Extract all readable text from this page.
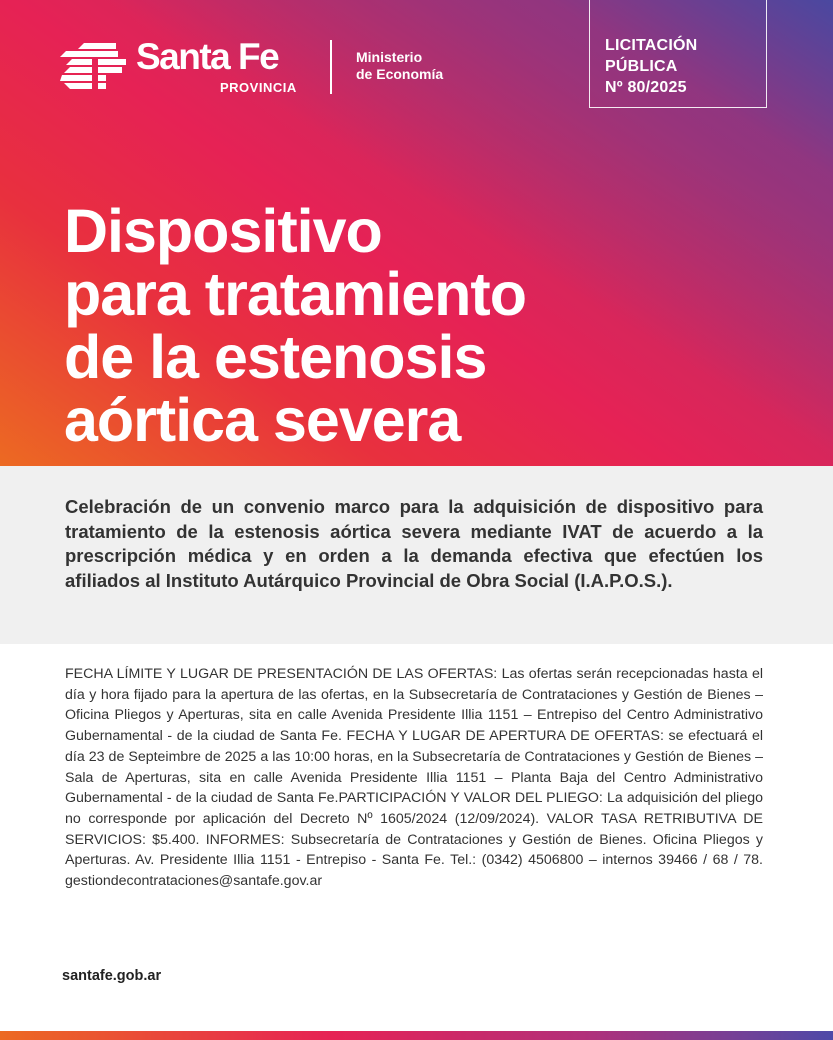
Santa Fe
PROVINCIA
Ministerio
de Economía
LICITACIÓN
PÚBLICA
Nº 80/2025
Dispositivo
para tratamiento
de la estenosis
aórtica severa

Celebración de un convenio marco para la adquisición de dispositivo para tratamiento de la estenosis aórtica severa mediante IVAT de acuerdo a la prescripción médica y en orden a la demanda efectiva que efectúen los afiliados al Instituto Autárquico Provincial de Obra Social (I.A.P.O.S.).

FECHA LÍMITE Y LUGAR DE PRESENTACIÓN DE LAS OFERTAS: Las ofertas serán recepcionadas hasta el día y hora fijado para la apertura de las ofertas, en la Subsecretaría de Contrataciones y Gestión de Bienes – Oficina Pliegos y Aperturas, sita en calle Avenida Presidente Illia 1151 – Entrepiso del Centro Administrativo Gubernamental - de la ciudad de Santa Fe. FECHA Y LUGAR DE APERTURA DE OFERTAS: se efectuará el día 23 de Septeimbre de 2025 a las 10:00 horas, en la Subsecretaría de Contrataciones y Gestión de Bienes – Sala de Aperturas, sita en calle Avenida Presidente Illia 1151 – Planta Baja del Centro Administrativo Gubernamental - de la ciudad de Santa Fe.PARTICIPACIÓN Y VALOR DEL PLIEGO: La adquisición del pliego no corresponde por aplicación del Decreto Nº 1605/2024 (12/09/2024). VALOR TASA RETRIBUTIVA DE SERVICIOS: $5.400. INFORMES: Subsecretaría de Contrataciones y Gestión de Bienes. Oficina Pliegos y Aperturas. Av. Presidente Illia 1151 - Entrepiso - Santa Fe. Tel.: (0342) 4506800 – internos 39466 / 68 / 78. gestiondecontrataciones@santafe.gov.ar

santafe.gob.ar
